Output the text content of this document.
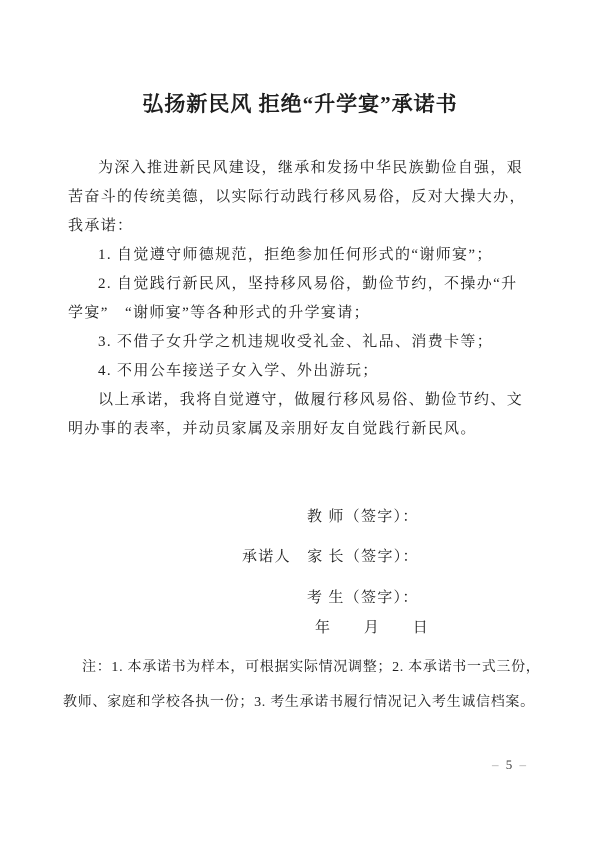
弘扬新民风 拒绝“升学宴”承诺书
为深入推进新民风建设，继承和发扬中华民族勤俭自强，艰
苦奋斗的传统美德，以实际行动践行移风易俗，反对大操大办，
我承诺：
1. 自觉遵守师德规范，拒绝参加任何形式的“谢师宴”；
2. 自觉践行新民风，坚持移风易俗，勤俭节约，不操办“升
学宴”　“谢师宴”等各种形式的升学宴请；
3. 不借子女升学之机违规收受礼金、礼品、消费卡等；
4. 不用公车接送子女入学、外出游玩；
以上承诺，我将自觉遵守，做履行移风易俗、勤俭节约、文
明办事的表率，并动员家属及亲朋好友自觉践行新民风。
教 师（签字）：
承诺人　家 长（签字）：
考 生（签字）：
年　　月　　日
注：1. 本承诺书为样本，可根据实际情况调整；2. 本承诺书一式三份，
教师、家庭和学校各执一份；3. 考生承诺书履行情况记入考生诚信档案。
– 5 –
